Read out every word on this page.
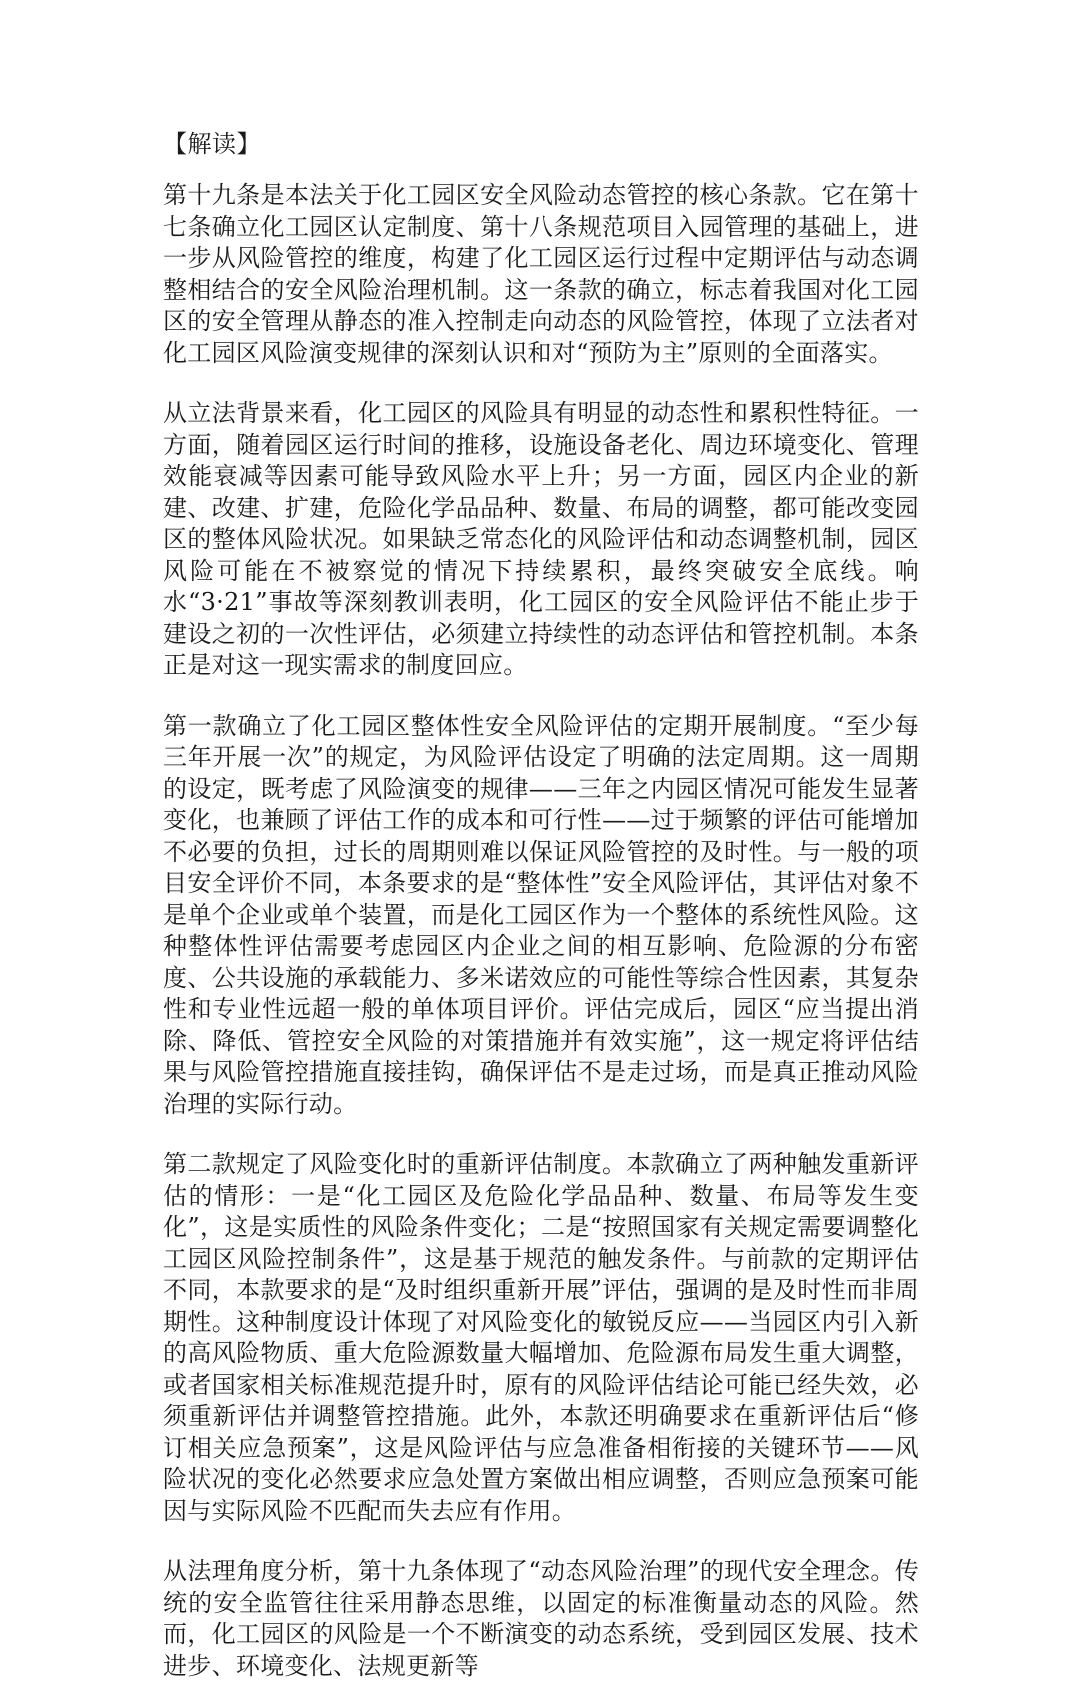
【解读】

第十九条是本法关于化工园区安全风险动态管控的核心条款。它在第十七条确立化工园区认定制度、第十八条规范项目入园管理的基础上，进一步从风险管控的维度，构建了化工园区运行过程中定期评估与动态调整相结合的安全风险治理机制。这一条款的确立，标志着我国对化工园区的安全管理从静态的准入控制走向动态的风险管控，体现了立法者对化工园区风险演变规律的深刻认识和对“预防为主”原则的全面落实。

从立法背景来看，化工园区的风险具有明显的动态性和累积性特征。一方面，随着园区运行时间的推移，设施设备老化、周边环境变化、管理效能衰减等因素可能导致风险水平上升；另一方面，园区内企业的新建、改建、扩建，危险化学品品种、数量、布局的调整，都可能改变园区的整体风险状况。如果缺乏常态化的风险评估和动态调整机制，园区风险可能在不被察觉的情况下持续累积，最终突破安全底线。响水“3·21”事故等深刻教训表明，化工园区的安全风险评估不能止步于建设之初的一次性评估，必须建立持续性的动态评估和管控机制。本条正是对这一现实需求的制度回应。

第一款确立了化工园区整体性安全风险评估的定期开展制度。“至少每三年开展一次”的规定，为风险评估设定了明确的法定周期。这一周期的设定，既考虑了风险演变的规律——三年之内园区情况可能发生显著变化，也兼顾了评估工作的成本和可行性——过于频繁的评估可能增加不必要的负担，过长的周期则难以保证风险管控的及时性。与一般的项目安全评价不同，本条要求的是“整体性”安全风险评估，其评估对象不是单个企业或单个装置，而是化工园区作为一个整体的系统性风险。这种整体性评估需要考虑园区内企业之间的相互影响、危险源的分布密度、公共设施的承载能力、多米诺效应的可能性等综合性因素，其复杂性和专业性远超一般的单体项目评价。评估完成后，园区“应当提出消除、降低、管控安全风险的对策措施并有效实施”，这一规定将评估结果与风险管控措施直接挂钩，确保评估不是走过场，而是真正推动风险治理的实际行动。

第二款规定了风险变化时的重新评估制度。本款确立了两种触发重新评估的情形：一是“化工园区及危险化学品品种、数量、布局等发生变化”，这是实质性的风险条件变化；二是“按照国家有关规定需要调整化工园区风险控制条件”，这是基于规范的触发条件。与前款的定期评估不同，本款要求的是“及时组织重新开展”评估，强调的是及时性而非周期性。这种制度设计体现了对风险变化的敏锐反应——当园区内引入新的高风险物质、重大危险源数量大幅增加、危险源布局发生重大调整，或者国家相关标准规范提升时，原有的风险评估结论可能已经失效，必须重新评估并调整管控措施。此外，本款还明确要求在重新评估后“修订相关应急预案”，这是风险评估与应急准备相衔接的关键环节——风险状况的变化必然要求应急处置方案做出相应调整，否则应急预案可能因与实际风险不匹配而失去应有作用。

从法理角度分析，第十九条体现了“动态风险治理”的现代安全理念。传统的安全监管往往采用静态思维，以固定的标准衡量动态的风险。然而，化工园区的风险是一个不断演变的动态系统，受到园区发展、技术进步、环境变化、法规更新等
